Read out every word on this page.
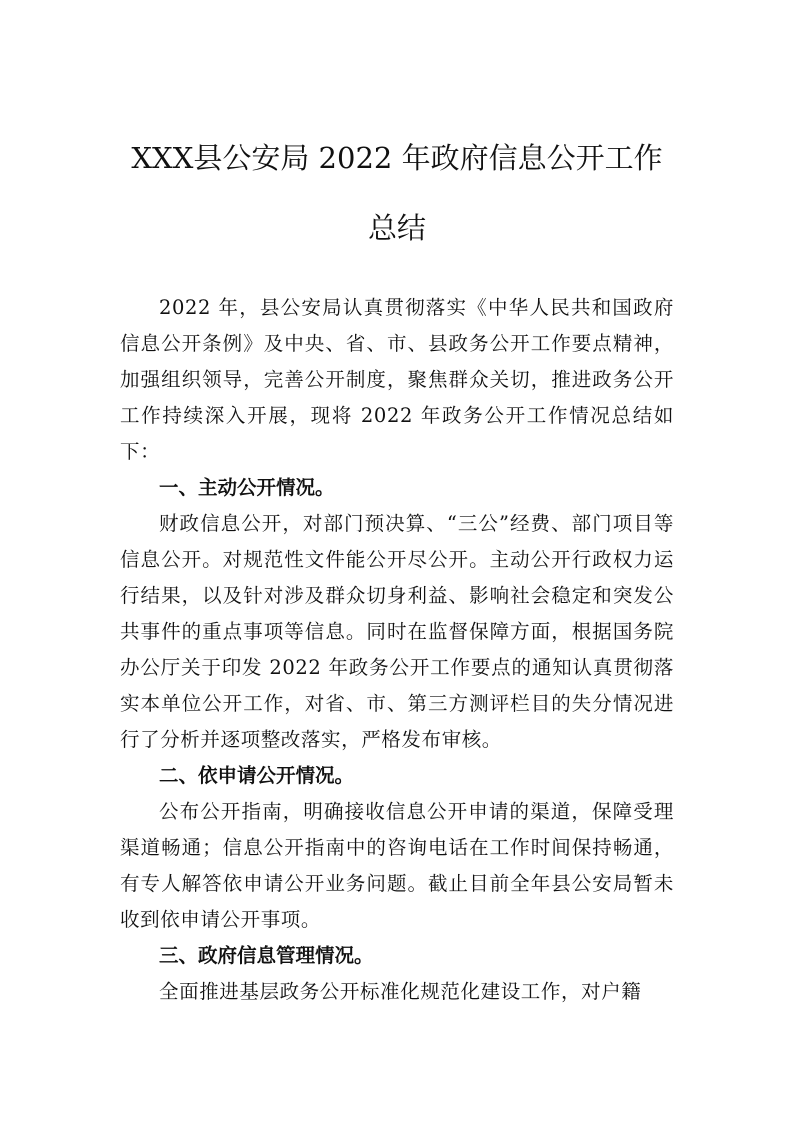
XXX县公安局 2022 年政府信息公开工作
总结

2022 年，县公安局认真贯彻落实《中华人民共和国政府信息公开条例》及中央、省、市、县政务公开工作要点精神，加强组织领导，完善公开制度，聚焦群众关切，推进政务公开工作持续深入开展，现将 2022 年政务公开工作情况总结如下：

一、主动公开情况。

财政信息公开，对部门预决算、“三公”经费、部门项目等信息公开。对规范性文件能公开尽公开。主动公开行政权力运行结果，以及针对涉及群众切身利益、影响社会稳定和突发公共事件的重点事项等信息。同时在监督保障方面，根据国务院办公厅关于印发 2022 年政务公开工作要点的通知认真贯彻落实本单位公开工作，对省、市、第三方测评栏目的失分情况进行了分析并逐项整改落实，严格发布审核。

二、依申请公开情况。

公布公开指南，明确接收信息公开申请的渠道，保障受理渠道畅通；信息公开指南中的咨询电话在工作时间保持畅通，有专人解答依申请公开业务问题。截止目前全年县公安局暂未收到依申请公开事项。

三、政府信息管理情况。

全面推进基层政务公开标准化规范化建设工作，对户籍
